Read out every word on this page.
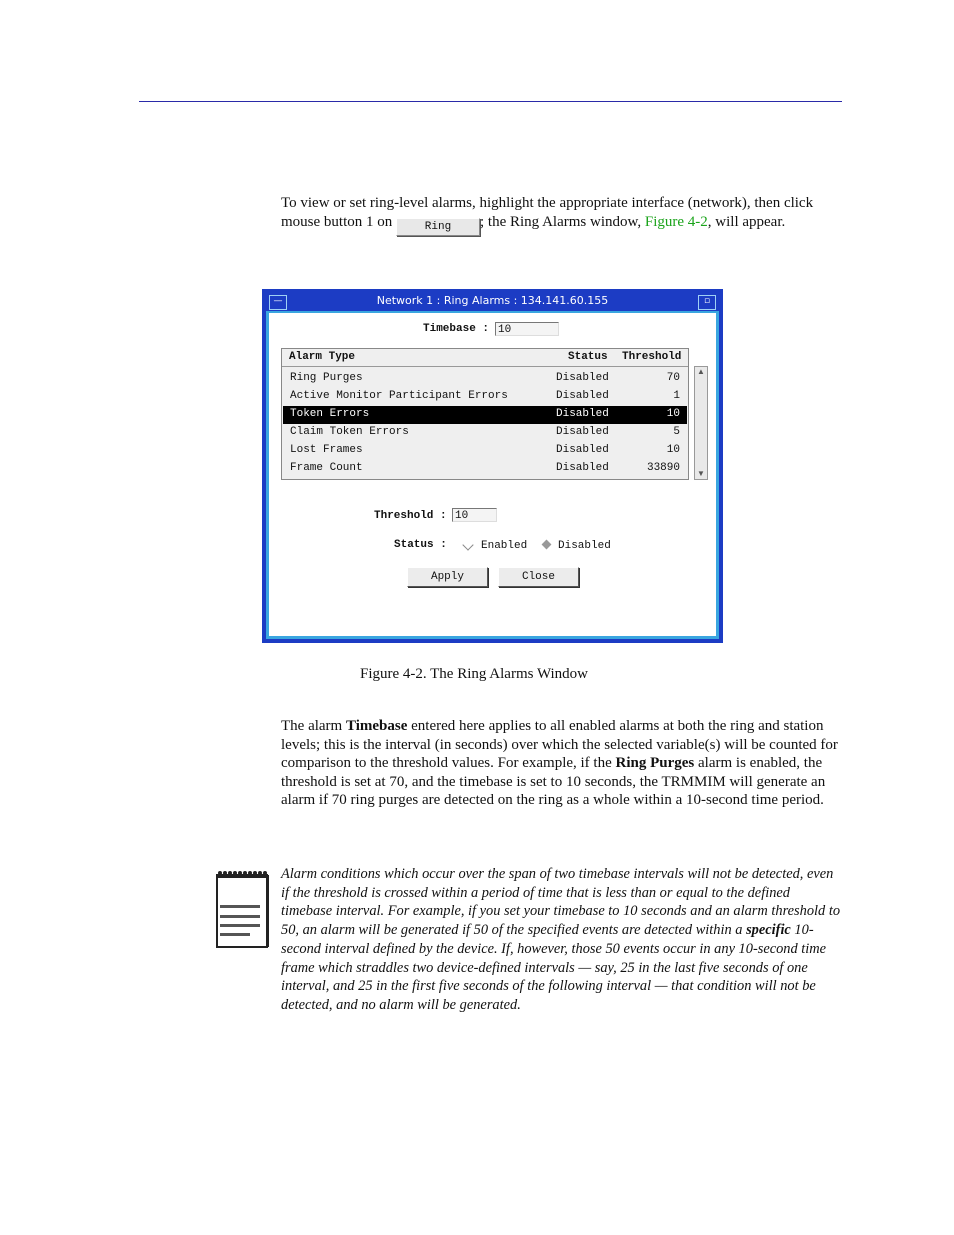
To view or set ring-level alarms, highlight the appropriate interface (network), then click mouse button 1 on	Ring ; the Ring Alarms window, Figure 4-2, will appear.

—	Network 1 : Ring Alarms : 134.141.60.155	▫
Timebase : 10
Alarm Type	Status Threshold
Ring Purges	Disabled	70
Active Monitor Participant Errors	Disabled	1
Token Errors	Disabled	10
Claim Token Errors	Disabled	5
Lost Frames	Disabled	10
Frame Count	Disabled	33890
▲
▼
Threshold : 10
Status :	Enabled	Disabled
Apply	Close
Figure 4-2. The Ring Alarms Window

The alarm Timebase entered here applies to all enabled alarms at both the ring and station levels; this is the interval (in seconds) over which the selected variable(s) will be counted for comparison to the threshold values. For example, if the Ring Purges alarm is enabled, the threshold is set at 70, and the timebase is set to 10 seconds, the TRMMIM will generate an alarm if 70 ring purges are detected on the ring as a whole within a 10-second time period.

Alarm conditions which occur over the span of two timebase intervals will not be detected, even if the threshold is crossed within a period of time that is less than or equal to the defined timebase interval. For example, if you set your timebase to 10 seconds and an alarm threshold to 50, an alarm will be generated if 50 of the specified events are detected within a specific 10-second interval defined by the device. If, however, those 50 events occur in any 10-second time frame which straddles two device-defined intervals — say, 25 in the last five seconds of one interval, and 25 in the first five seconds of the following interval — that condition will not be detected, and no alarm will be generated.
